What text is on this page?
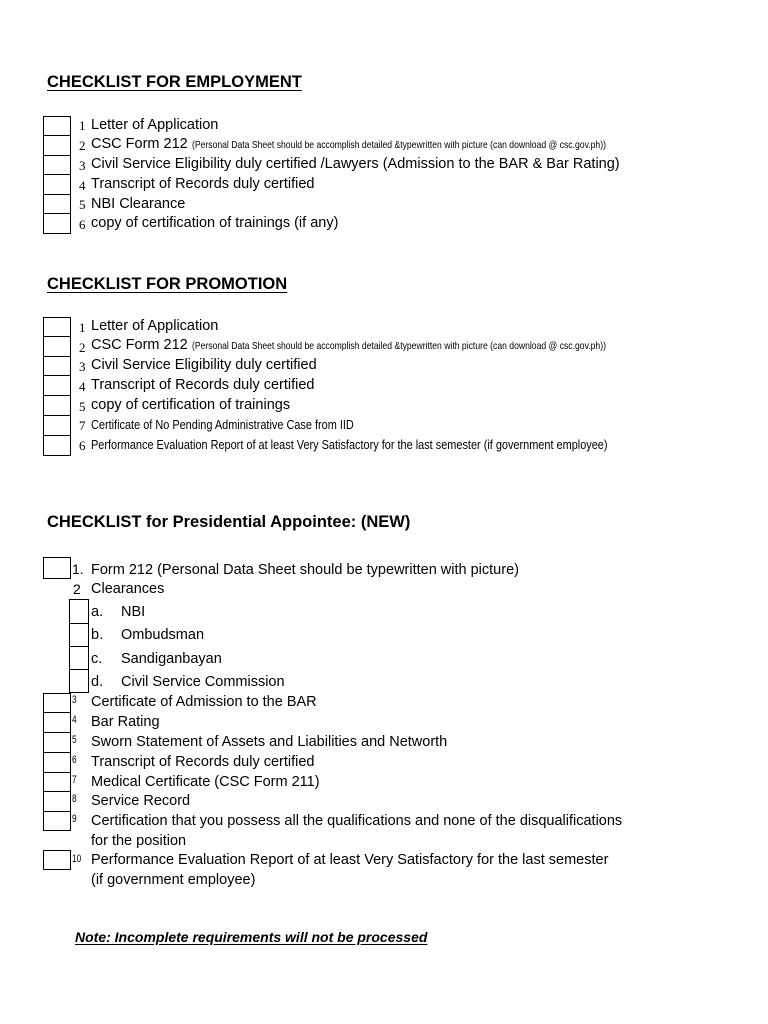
CHECKLIST FOR EMPLOYMENT
1 Letter of Application
2 CSC Form 212 (Personal Data Sheet should be accomplish detailed &typewritten with picture (can download @ csc.gov.ph))
3 Civil Service Eligibility duly certified /Lawyers (Admission to the BAR & Bar Rating)
4 Transcript of Records duly certified
5 NBI Clearance
6 copy of certification of trainings (if any)
CHECKLIST FOR PROMOTION
1 Letter of Application
2 CSC Form 212 (Personal Data Sheet should be accomplish detailed &typewritten with picture (can download @ csc.gov.ph))
3 Civil Service Eligibility duly certified
4 Transcript of Records duly certified
5 copy of certification of trainings
7 Certificate of No Pending Administrative Case from IID
6 Performance Evaluation Report of at least Very Satisfactory for the last semester (if government employee)
CHECKLIST for Presidential Appointee: (NEW)
1. Form 212 (Personal Data Sheet should be typewritten with picture)
2 Clearances
a. NBI
b. Ombudsman
c. Sandiganbayan
d. Civil Service Commission
3 Certificate of Admission to the BAR
4 Bar Rating
5 Sworn Statement of Assets and Liabilities and Networth
6 Transcript of Records duly certified
7 Medical Certificate (CSC Form 211)
8 Service Record
9 Certification that you possess all the qualifications and none of the disqualifications
for the position
10 Performance Evaluation Report of at least Very Satisfactory for the last semester
(if government employee)
Note: Incomplete requirements will not be processed
